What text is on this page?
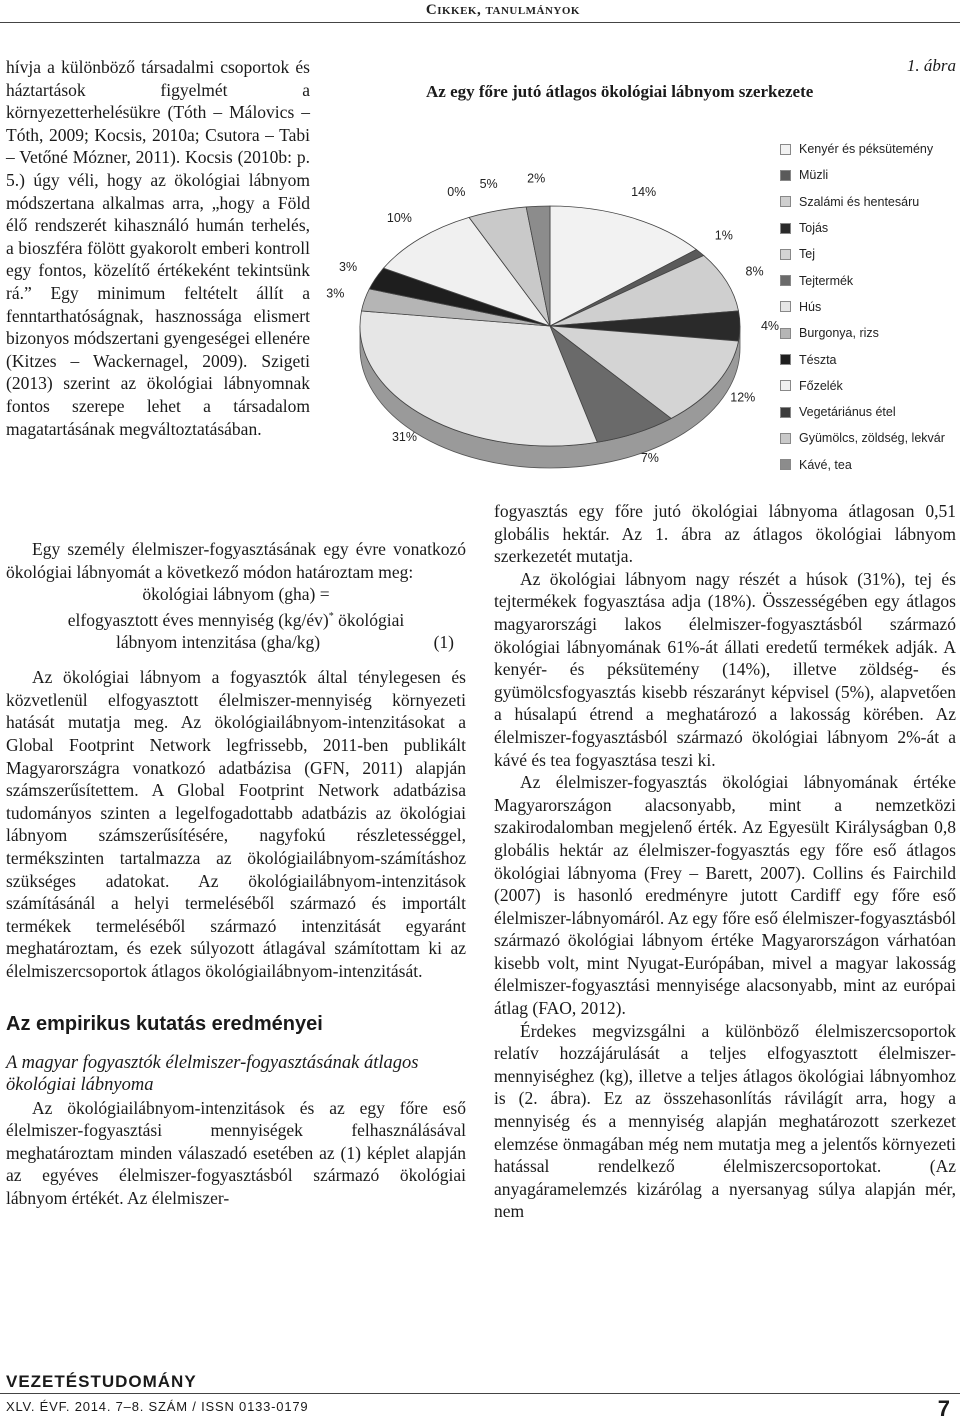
Cikkek, tanulmányok

hívja a különböző társadalmi csoportok és háztartások figyelmét a környezetterhelésükre (Tóth – Málovics – Tóth, 2009; Kocsis, 2010a; Csutora – Tabi – Vetőné Mózner, 2011). Kocsis (2010b: p. 5.) úgy véli, hogy az ökológiai lábnyom módszertana alkalmas arra, „hogy a Föld élő rendszerét kihasználó humán terhelés, a bioszféra fölött gyakorolt emberi kontroll egy fontos, közelítő értékeként tekintsünk rá.” Egy minimum feltételt állít a fenntarthatóságnak, hasznossága elismert bizonyos módszertani gyengeségei ellenére (Kitzes – Wackernagel, 2009). Szigeti (2013) szerint az ökológiai lábnyomnak fontos szerepe lehet a társadalom magatartásának megváltoztatásában.

1. ábra
Az egy főre jutó átlagos ökológiai lábnyom szerkezete
14%
1%
8%
4%
12%
7%
31%
3%
3%
10%
0%
5% 2%
Kenyér és péksütemény
Müzli
Szalámi és hentesáru
Tojás
Tej
Tejtermék
Hús
Burgonya, rizs
Tészta
Főzelék
Vegetáriánus étel
Gyümölcs, zöldség, lekvár
Kávé, tea

Egy személy élelmiszer-fogyasztásának egy évre vonatkozó ökológiai lábnyomát a következő módon határoztam meg:

ökológiai lábnyom (gha) =

elfogyasztott éves mennyiség (kg/év)* ökológiai

lábnyom intenzitása (gha/kg)	(1)

Az ökológiai lábnyom a fogyasztók által ténylegesen és közvetlenül elfogyasztott élelmiszer-mennyiség környezeti hatását mutatja meg. Az ökológiailábnyom-intenzitásokat a Global Footprint Network legfrissebb, 2011-ben publikált Magyarországra vonatkozó adatbázisa (GFN, 2011) alapján számszerűsítettem. A Global Footprint Network adatbázisa tudományos szinten a legelfogadottabb adatbázis az ökológiai lábnyom számszerűsítésére, nagyfokú részletességgel, termékszinten tartalmazza az ökológiailábnyom-számításhoz szükséges adatokat. Az ökológiailábnyom-intenzitások számításánál a helyi termeléséből származó és importált termékek termeléséből származó intenzitását egyaránt meghatároztam, és ezek súlyozott átlagával számítottam ki az élelmiszercsoportok átlagos ökológiailábnyom-intenzitását.

Az empirikus kutatás eredményei

A magyar fogyasztók élelmiszer-fogyasztásának átlagos ökológiai lábnyoma

Az ökológiailábnyom-intenzitások és az egy főre eső élelmiszer-fogyasztási mennyiségek felhasználásával meghatároztam minden válaszadó esetében az (1) képlet alapján az egyéves élelmiszer-fogyasztásból származó ökológiai lábnyom értékét. Az élelmiszer-

fogyasztás egy főre jutó ökológiai lábnyoma átlagosan 0,51 globális hektár. Az 1. ábra az átlagos ökológiai lábnyom szerkezetét mutatja.

Az ökológiai lábnyom nagy részét a húsok (31%), tej és tejtermékek fogyasztása adja (18%). Összességében egy átlagos magyarországi lakos élelmiszer-fogyasztásból származó ökológiai lábnyomának 61%-át állati eredetű termékek adják. A kenyér- és péksütemény (14%), illetve zöldség- és gyümölcsfogyasztás kisebb részarányt képvisel (5%), alapvetően a húsalapú étrend a meghatározó a lakosság körében. Az élelmiszer-fogyasztásból származó ökológiai lábnyom 2%-át a kávé és tea fogyasztása teszi ki.

Az élelmiszer-fogyasztás ökológiai lábnyomának értéke Magyarországon alacsonyabb, mint a nemzetközi szakirodalomban megjelenő érték. Az Egyesült Királyságban 0,8 globális hektár az élelmiszer-fogyasztás egy főre eső átlagos ökológiai lábnyoma (Frey – Barett, 2007). Collins és Fairchild (2007) is hasonló eredményre jutott Cardiff egy főre eső élelmiszer-lábnyomáról. Az egy főre eső élelmiszer-fogyasztásból származó ökológiai lábnyom értéke Magyarországon várhatóan kisebb volt, mint Nyugat-Európában, mivel a magyar lakosság élelmiszer-fogyasztási mennyisége alacsonyabb, mint az európai átlag (FAO, 2012).

Érdekes megvizsgálni a különböző élelmiszercsoportok relatív hozzájárulását a teljes elfogyasztott élelmiszer-mennyiséghez (kg), illetve a teljes átlagos ökológiai lábnyomhoz is (2. ábra). Ez az összehasonlítás rávilágít arra, hogy a mennyiség és a mennyiség alapján meghatározott szerkezet elemzése önmagában még nem mutatja meg a jelentős környezeti hatással rendelkező élelmiszercsoportokat. (Az anyagáramelemzés kizárólag a nyersanyag súlya alapján mér, nem

VEZETÉSTUDOMÁNY
XLV. ÉVF. 2014. 7–8. SZÁM / ISSN 0133-0179	7
